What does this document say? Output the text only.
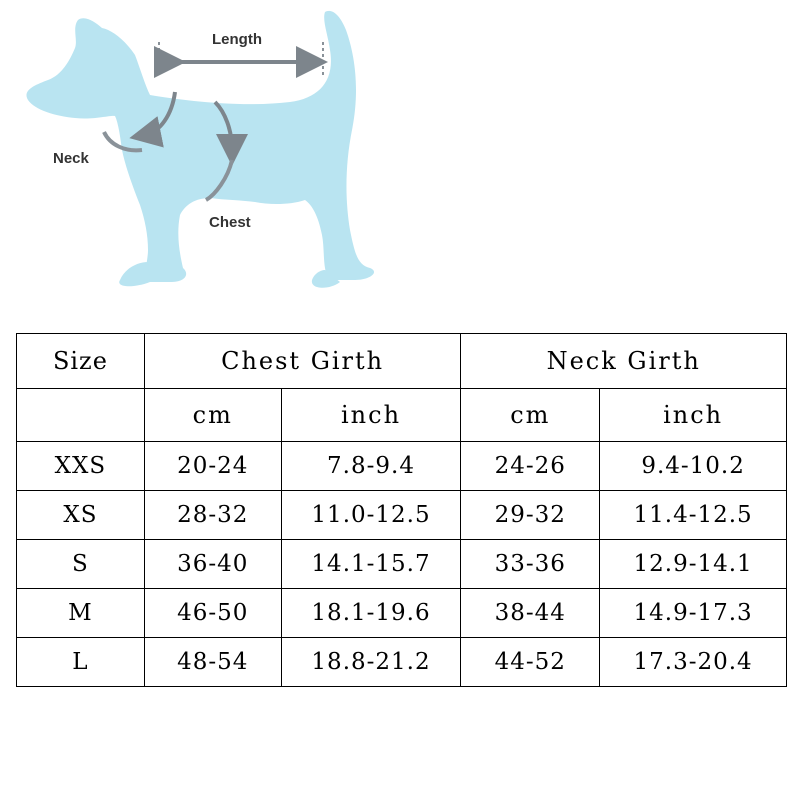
Length
Neck
Chest
Size	Chest Girth		Neck Girth	
	cm	inch	cm	inch
XXS	20-24	7.8-9.4	24-26	9.4-10.2
XS	28-32	11.0-12.5	29-32	11.4-12.5
S	36-40	14.1-15.7	33-36	12.9-14.1
M	46-50	18.1-19.6	38-44	14.9-17.3
L	48-54	18.8-21.2	44-52	17.3-20.4
